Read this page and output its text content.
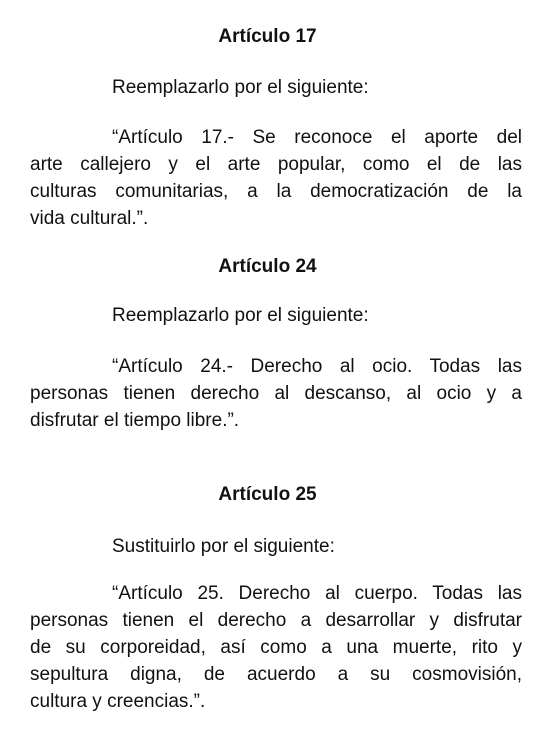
Artículo 17

Reemplazarlo por el siguiente:

“Artículo 17.- Se reconoce el aporte del
arte callejero y el arte popular, como el de las
culturas comunitarias, a la democratización de la
vida cultural.”.
Artículo 24

Reemplazarlo por el siguiente:

“Artículo 24.- Derecho al ocio. Todas las
personas tienen derecho al descanso, al ocio y a
disfrutar el tiempo libre.”.
Artículo 25

Sustituirlo por el siguiente:

“Artículo 25. Derecho al cuerpo. Todas las
personas tienen el derecho a desarrollar y disfrutar
de su corporeidad, así como a una muerte, rito y
sepultura digna, de acuerdo a su cosmovisión,
cultura y creencias.”.
